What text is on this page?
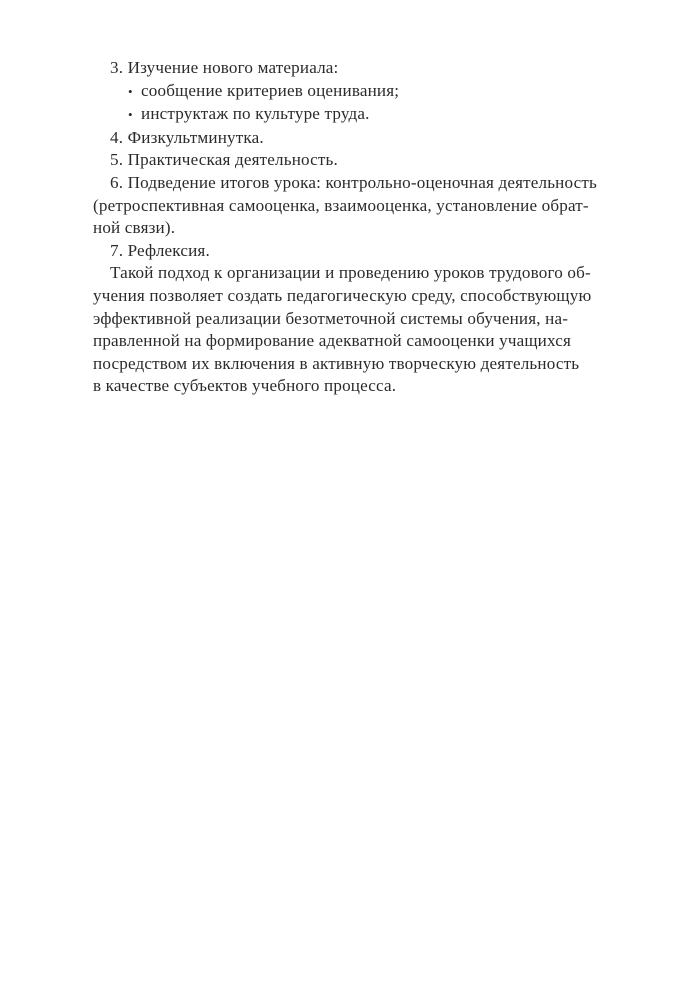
3. Изучение нового материала:
• сообщение критериев оценивания;
• инструктаж по культуре труда.
4. Физкультминутка.
5. Практическая деятельность.
6. Подведение итогов урока: контрольно-оценочная деятельность
(ретроспективная самооценка, взаимооценка, установление обрат-
ной связи).
7. Рефлексия.
Такой подход к организации и проведению уроков трудового об-
учения позволяет создать педагогическую среду, способствующую
эффективной реализации безотметочной системы обучения, на-
правленной на формирование адекватной самооценки учащихся
посредством их включения в активную творческую деятельность
в качестве субъектов учебного процесса.
